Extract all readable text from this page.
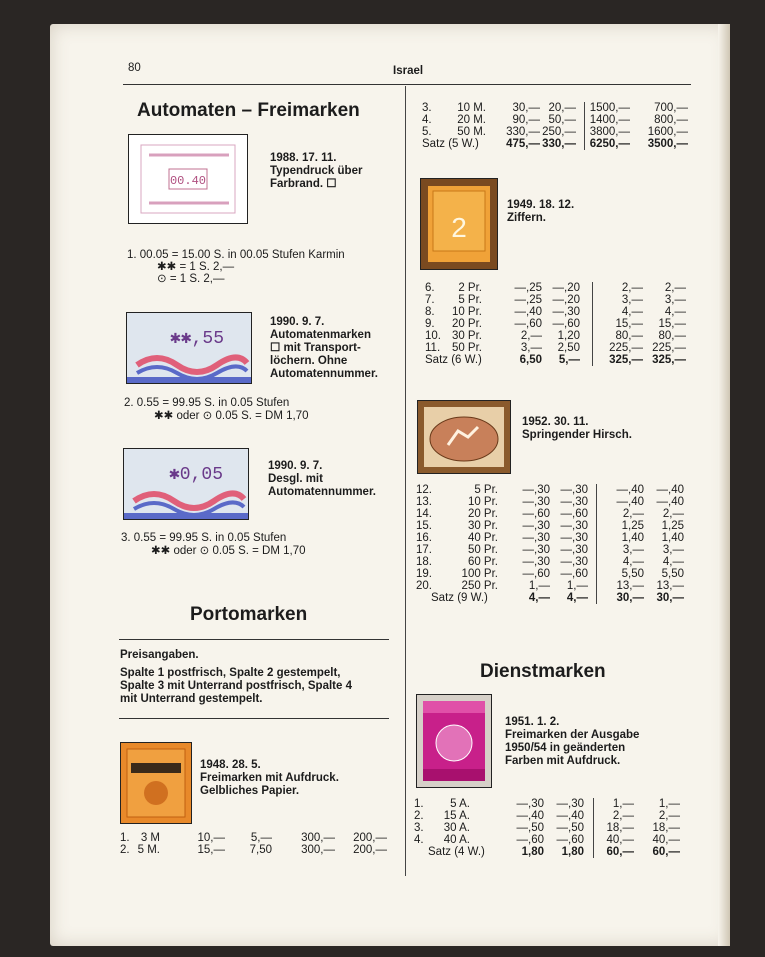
80	Israel
Automaten – Freimarken
00.40
1988. 17. 11.
Typendruck über
Farbrand. ☐
1. 00.05 = 15.00 S. in 00.05 Stufen Karmin
✱✱ = 1 S. 2,—
⊙ = 1 S. 2,—
✱✱,55
1990. 9. 7.
Automatenmarken
☐ mit Transport-
löchern. Ohne
Automatennummer.
2. 0.55 = 99.95 S. in 0.05 Stufen
✱✱ oder ⊙ 0.05 S. = DM 1,70
✱0,05	1990. 9. 7.
Desgl. mit
Automatennummer.
3. 0.55 = 99.95 S. in 0.05 Stufen
✱✱ oder ⊙ 0.05 S. = DM 1,70
Portomarken
Preisangaben.
Spalte 1 postfrisch, Spalte 2 gestempelt,
Spalte 3 mit Unterrand postfrisch, Spalte 4
mit Unterrand gestempelt.
1948. 28. 5.
Freimarken mit Aufdruck.
Gelbliches Papier.
1. 3 M	10,— 5,—	300,— 200,—
2. 5 M.	15,— 7,50	300,— 200,—
3. 10 M. 30,— 20,— 1500,— 700,—
4. 20 M. 90,— 50,— 1400,— 800,—
5. 50 M. 330,— 250,— 3800,— 1600,—
Satz (5 W.) 475,— 330,— 6250,— 3500,—
2
1949. 18. 12.
Ziffern.
6. 2 Pr.	—,25 —,20	2,— 2,—
7. 5 Pr.	—,25 —,20	3,— 3,—
8. 10 Pr.	—,40 —,30	4,— 4,—
9. 20 Pr.	—,60 —,60	15,— 15,—
10. 30 Pr.	2,— 1,20	80,— 80,—
11. 50 Pr.	3,— 2,50	225,— 225,—
Satz (6 W.)	6,50 5,—	325,— 325,—
1952. 30. 11.
Springender Hirsch.
12.	5 Pr. —,30 —,30 —,40 —,40
13.	10 Pr. —,30 —,30 —,40 —,40
14.	20 Pr. —,60 —,60	2,— 2,—
15.	30 Pr. —,30 —,30	1,25 1,25
16.	40 Pr. —,30 —,30	1,40 1,40
17.	50 Pr. —,30 —,30	3,— 3,—
18.	60 Pr. —,30 —,30	4,— 4,—
19.	100 Pr. —,60 —,60	5,50 5,50
20.	250 Pr.	1,— 1,— 13,— 13,—
Satz (9 W.)	4,— 4,— 30,— 30,—
Dienstmarken
1951. 1. 2.
Freimarken der Ausgabe
1950/54 in geänderten
Farben mit Aufdruck.
1. 5 A.	—,30 —,30	1,— 1,—
2. 15 A.	—,40 —,40	2,— 2,—
3. 30 A.	—,50 —,50 18,— 18,—
4. 40 A.	—,60 —,60 40,— 40,—
Satz (4 W.)	1,80 1,80 60,— 60,—
